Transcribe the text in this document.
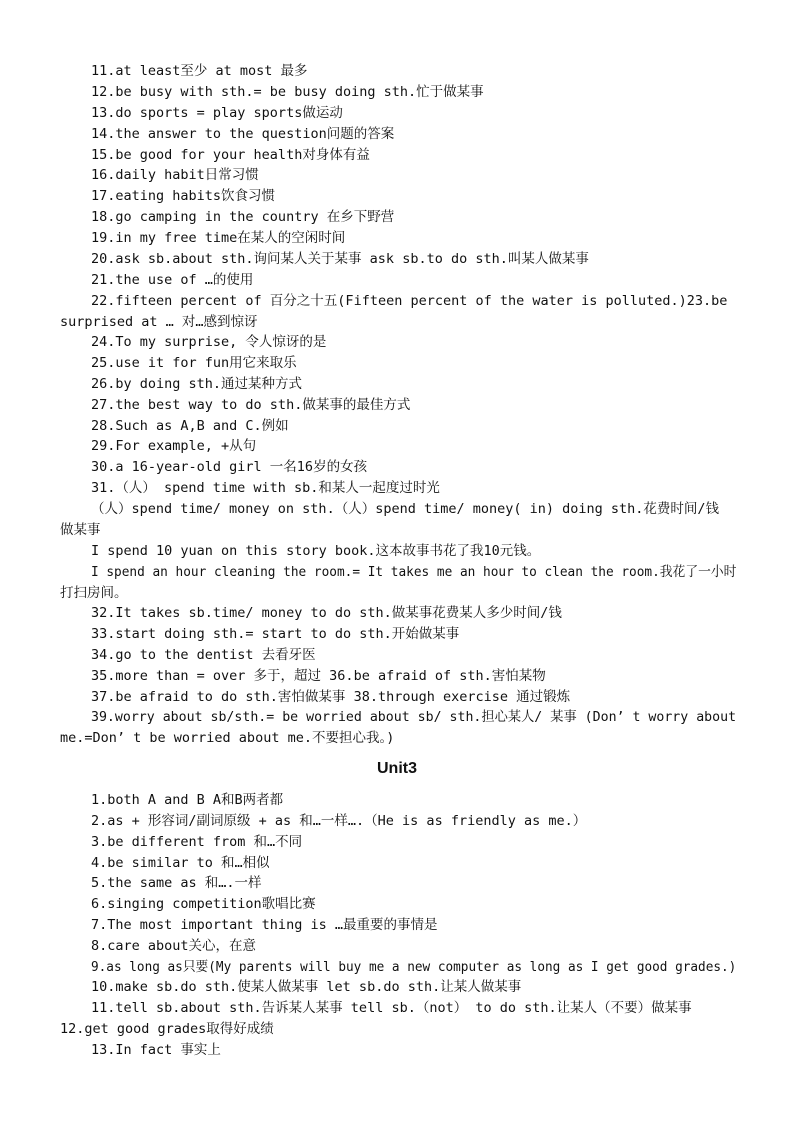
11.at least至少 at most 最多
12.be busy with sth.= be busy doing sth.忙于做某事
13.do sports = play sports做运动
14.the answer to the question问题的答案
15.be good for your health对身体有益
16.daily habit日常习惯
17.eating habits饮食习惯
18.go camping in the country 在乡下野营
19.in my free time在某人的空闲时间
20.ask sb.about sth.询问某人关于某事 ask sb.to do sth.叫某人做某事
21.the use of …的使用
22.fifteen percent of 百分之十五(Fifteen percent of the water is polluted.)23.be
surprised at … 对…感到惊讶
24.To my surprise, 令人惊讶的是
25.use it for fun用它来取乐
26.by doing sth.通过某种方式
27.the best way to do sth.做某事的最佳方式
28.Such as A,B and C.例如
29.For example, +从句
30.a 16-year-old girl 一名16岁的女孩
31.（人） spend time with sb.和某人一起度过时光
（人）spend time/ money on sth.（人）spend time/ money( in) doing sth.花费时间/钱
做某事
I spend 10 yuan on this story book.这本故事书花了我10元钱。
I spend an hour cleaning the room.= It takes me an hour to clean the room.我花了一小时
打扫房间。
32.It takes sb.time/ money to do sth.做某事花费某人多少时间/钱
33.start doing sth.= start to do sth.开始做某事
34.go to the dentist 去看牙医
35.more than = over 多于，超过 36.be afraid of sth.害怕某物
37.be afraid to do sth.害怕做某事 38.through exercise 通过锻炼
39.worry about sb/sth.= be worried about sb/ sth.担心某人/ 某事 (Don’ t worry about
me.=Don’ t be worried about me.不要担心我。)
Unit3
1.both A and B A和B两者都
2.as + 形容词/副词原级 + as 和…一样….（He is as friendly as me.）
3.be different from 和…不同
4.be similar to 和…相似
5.the same as 和….一样
6.singing competition歌唱比赛
7.The most important thing is …最重要的事情是
8.care about关心，在意
9.as long as只要(My parents will buy me a new computer as long as I get good grades.)
10.make sb.do sth.使某人做某事 let sb.do sth.让某人做某事
11.tell sb.about sth.告诉某人某事 tell sb.（not） to do sth.让某人（不要）做某事
12.get good grades取得好成绩
13.In fact 事实上
